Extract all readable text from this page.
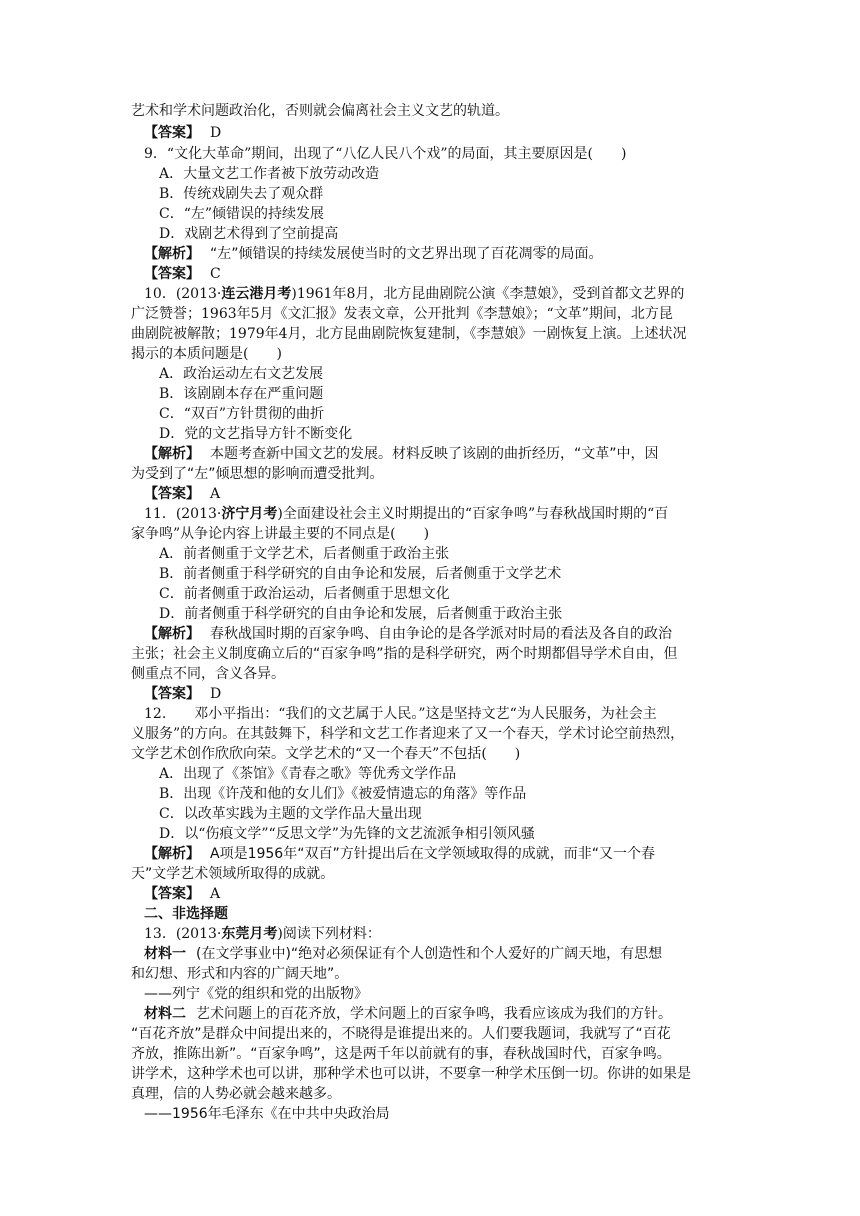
艺术和学术问题政治化，否则就会偏离社会主义文艺的轨道。
【答案】 D
9．“文化大革命”期间，出现了“八亿人民八个戏”的局面，其主要原因是(　　)
A．大量文艺工作者被下放劳动改造
B．传统戏剧失去了观众群
C．“左”倾错误的持续发展
D．戏剧艺术得到了空前提高
【解析】 “左”倾错误的持续发展使当时的文艺界出现了百花凋零的局面。
【答案】 C
10．(2013·连云港月考)1961年8月，北方昆曲剧院公演《李慧娘》，受到首都文艺界的
广泛赞誉；1963年5月《文汇报》发表文章，公开批判《李慧娘》；“文革”期间，北方昆
曲剧院被解散；1979年4月，北方昆曲剧院恢复建制，《李慧娘》一剧恢复上演。上述状况
揭示的本质问题是(　　)
A．政治运动左右文艺发展
B．该剧剧本存在严重问题
C．“双百”方针贯彻的曲折
D．党的文艺指导方针不断变化
【解析】 本题考查新中国文艺的发展。材料反映了该剧的曲折经历，“文革”中，因
为受到了“左”倾思想的影响而遭受批判。
【答案】 A
11．(2013·济宁月考)全面建设社会主义时期提出的“百家争鸣”与春秋战国时期的“百
家争鸣”从争论内容上讲最主要的不同点是(　　)
A．前者侧重于文学艺术，后者侧重于政治主张
B．前者侧重于科学研究的自由争论和发展，后者侧重于文学艺术
C．前者侧重于政治运动，后者侧重于思想文化
D．前者侧重于科学研究的自由争论和发展，后者侧重于政治主张
【解析】 春秋战国时期的百家争鸣、自由争论的是各学派对时局的看法及各自的政治
主张；社会主义制度确立后的“百家争鸣”指的是科学研究，两个时期都倡导学术自由，但
侧重点不同，含义各异。
【答案】 D
12. 邓小平指出：“我们的文艺属于人民。”这是坚持文艺“为人民服务，为社会主
义服务”的方向。在其鼓舞下，科学和文艺工作者迎来了又一个春天，学术讨论空前热烈，
文学艺术创作欣欣向荣。文学艺术的“又一个春天”不包括(　　)
A．出现了《茶馆》《青春之歌》等优秀文学作品
B．出现《许茂和他的女儿们》《被爱情遗忘的角落》等作品
C．以改革实践为主题的文学作品大量出现
D．以“伤痕文学”“反思文学”为先锋的文艺流派争相引领风骚
【解析】 A项是1956年“双百”方针提出后在文学领域取得的成就，而非“又一个春
天”文学艺术领域所取得的成就。
【答案】 A
二、非选择题
13．(2013·东莞月考)阅读下列材料：
材料一 (在文学事业中)“绝对必须保证有个人创造性和个人爱好的广阔天地，有思想
和幻想、形式和内容的广阔天地”。
——列宁《党的组织和党的出版物》
材料二 艺术问题上的百花齐放，学术问题上的百家争鸣，我看应该成为我们的方针。
“百花齐放”是群众中间提出来的，不晓得是谁提出来的。人们要我题词，我就写了“百花
齐放，推陈出新”。“百家争鸣”，这是两千年以前就有的事，春秋战国时代，百家争鸣。
讲学术，这种学术也可以讲，那种学术也可以讲，不要拿一种学术压倒一切。你讲的如果是
真理，信的人势必就会越来越多。
——1956年毛泽东《在中共中央政治局
